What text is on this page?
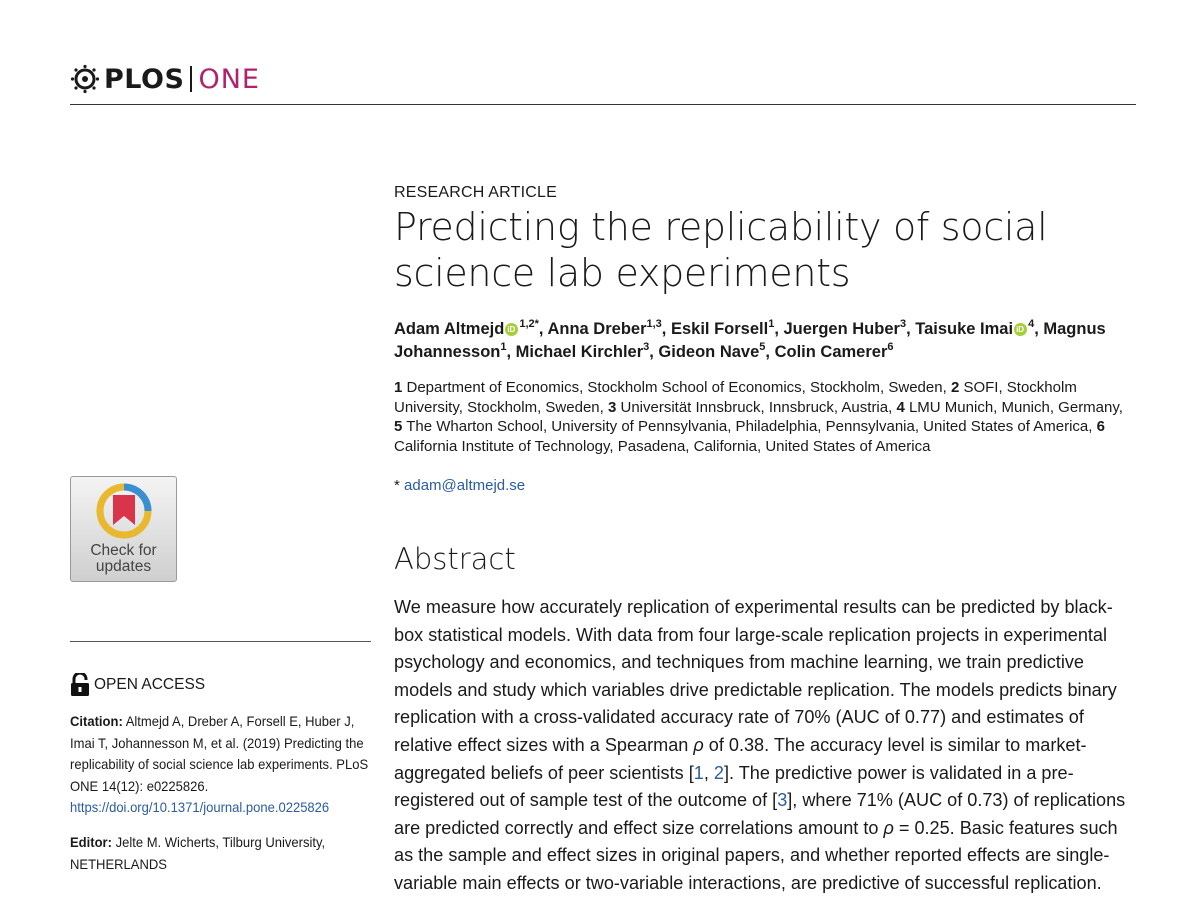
PLOS ONE
RESEARCH ARTICLE
Predicting the replicability of social science lab experiments
Adam Altmejd iD $^{1,2*}$, Anna Dreber$^{1,3}$, Eskil Forsell$^1$, Juergen Huber$^3$, Taisuke Imai iD $^4$, Magnus Johannesson$^1$, Michael Kirchler$^3$, Gideon Nave$^5$, Colin Camerer$^6$
1 Department of Economics, Stockholm School of Economics, Stockholm, Sweden, 2 SOFI, Stockholm University, Stockholm, Sweden, 3 Universität Innsbruck, Innsbruck, Austria, 4 LMU Munich, Munich, Germany, 5 The Wharton School, University of Pennsylvania, Philadelphia, Pennsylvania, United States of America, 6 California Institute of Technology, Pasadena, California, United States of America
* adam@altmejd.se
Abstract
We measure how accurately replication of experimental results can be predicted by black-box statistical models. With data from four large-scale replication projects in experimental psychology and economics, and techniques from machine learning, we train predictive models and study which variables drive predictable replication. The models predicts binary replication with a cross-validated accuracy rate of 70% (AUC of 0.77) and estimates of relative effect sizes with a Spearman ρ of 0.38. The accuracy level is similar to market-aggregated beliefs of peer scientists [1, 2]. The predictive power is validated in a pre-registered out of sample test of the outcome of [3], where 71% (AUC of 0.73) of replications are predicted correctly and effect size correlations amount to ρ = 0.25. Basic features such as the sample and effect sizes in original papers, and whether reported effects are single-variable main effects or two-variable interactions, are predictive of successful replication.
Check for
updates
OPEN ACCESS
Citation: Altmejd A, Dreber A, Forsell E, Huber J, Imai T, Johannesson M, et al. (2019) Predicting the replicability of social science lab experiments. PLoS ONE 14(12): e0225826. https://doi.org/10.1371/journal.pone.0225826
Editor: Jelte M. Wicherts, Tilburg University, NETHERLANDS
